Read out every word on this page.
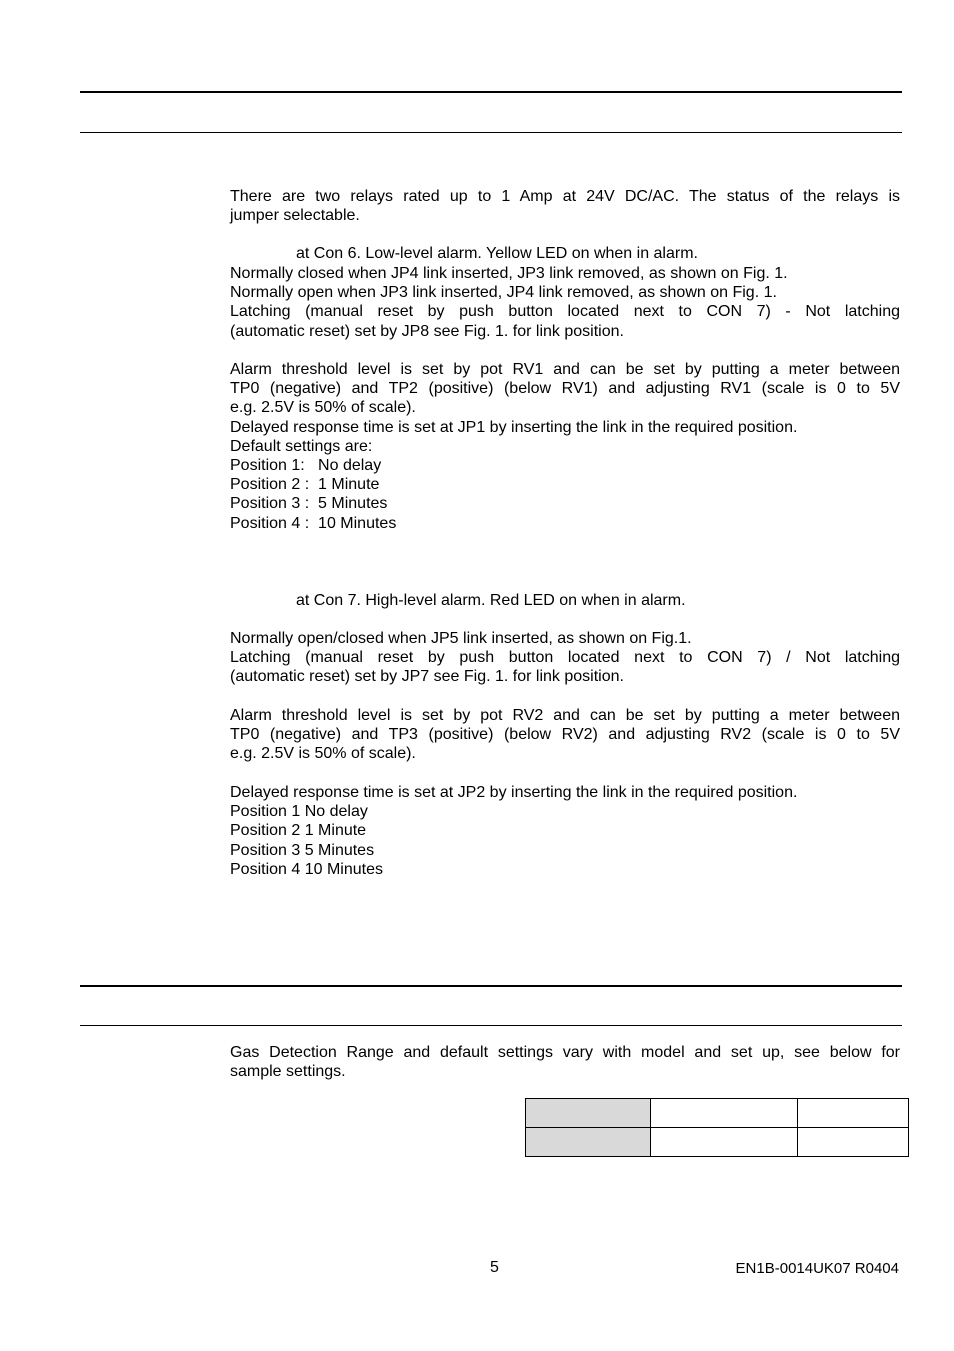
There are two relays rated up to 1 Amp at 24V DC/AC. The status of the relays is
jumper selectable.
at Con 6. Low-level alarm. Yellow LED on when in alarm.
Normally closed when JP4 link inserted, JP3 link removed, as shown on Fig. 1.
Normally open when JP3 link inserted, JP4 link removed, as shown on Fig. 1.
Latching (manual reset by push button located next to CON 7) - Not latching
(automatic reset) set by JP8 see Fig. 1. for link position.
Alarm threshold level is set by pot RV1 and can be set by putting a meter between
TP0 (negative) and TP2 (positive) (below RV1) and adjusting RV1 (scale is 0 to 5V
e.g. 2.5V is 50% of scale).
Delayed response time is set at JP1 by inserting the link in the required position.
Default settings are:
Position 1:   No delay
Position 2 :  1 Minute
Position 3 :  5 Minutes
Position 4 :  10 Minutes
at Con 7. High-level alarm. Red LED on when in alarm.
Normally open/closed when JP5 link inserted, as shown on Fig.1.
Latching (manual reset by push button located next to CON 7) / Not latching
(automatic reset) set by JP7 see Fig. 1. for link position.
Alarm threshold level is set by pot RV2 and can be set by putting a meter between
TP0 (negative) and TP3 (positive) (below RV2) and adjusting RV2 (scale is 0 to 5V
e.g. 2.5V is 50% of scale).
Delayed response time is set at JP2 by inserting the link in the required position.
Position 1 No delay
Position 2 1 Minute
Position 3 5 Minutes
Position 4 10 Minutes
Gas Detection Range and default settings vary with model and set up, see below for
sample settings.

5	EN1B-0014UK07 R0404
